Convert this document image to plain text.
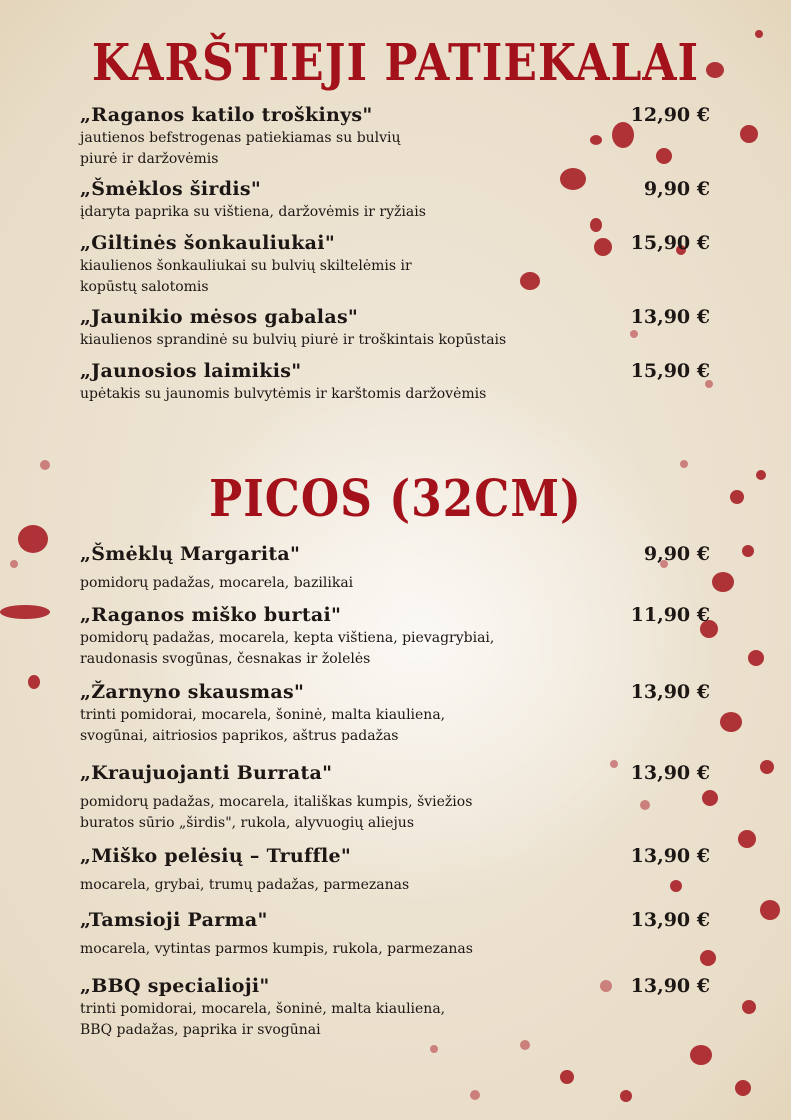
KARŠTIEJI PATIEKALAI
„Raganos katilo troškinys"	12,90 €
jautienos befstrogenas patiekiamas su bulvių piurė ir daržovėmis
„Šmėklos širdis"	9,90 €
įdaryta paprika su vištiena, daržovėmis ir ryžiais
„Giltinės šonkauliukai"	15,90 €
kiaulienos šonkauliukai su bulvių skiltelėmis ir kopūstų salotomis
„Jaunikio mėsos gabalas"	13,90 €
kiaulienos sprandinė su bulvių piurė ir troškintais kopūstais
„Jaunosios laimikis"	15,90 €
upėtakis su jaunomis bulvytėmis ir karštomis daržovėmis
PICOS (32CM)
„Šmėklų Margarita"	9,90 €
pomidorų padažas, mocarela, bazilikai
„Raganos miško burtai"	11,90 €
pomidorų padažas, mocarela, kepta vištiena, pievagrybiai, raudonasis svogūnas, česnakas ir žolelės
„Žarnyno skausmas"	13,90 €
trinti pomidorai, mocarela, šoninė, malta kiauliena, svogūnai, aitriosios paprikos, aštrus padažas
„Kraujuojanti Burrata"	13,90 €
pomidorų padažas, mocarela, itališkas kumpis, šviežios buratos sūrio „širdis", rukola, alyvuogių aliejus
„Miško pelėsių – Truffle"	13,90 €
mocarela, grybai, trumų padažas, parmezanas
„Tamsioji Parma"	13,90 €
mocarela, vytintas parmos kumpis, rukola, parmezanas
„BBQ specialioji"	13,90 €
trinti pomidorai, mocarela, šoninė, malta kiauliena, BBQ padažas, paprika ir svogūnai
